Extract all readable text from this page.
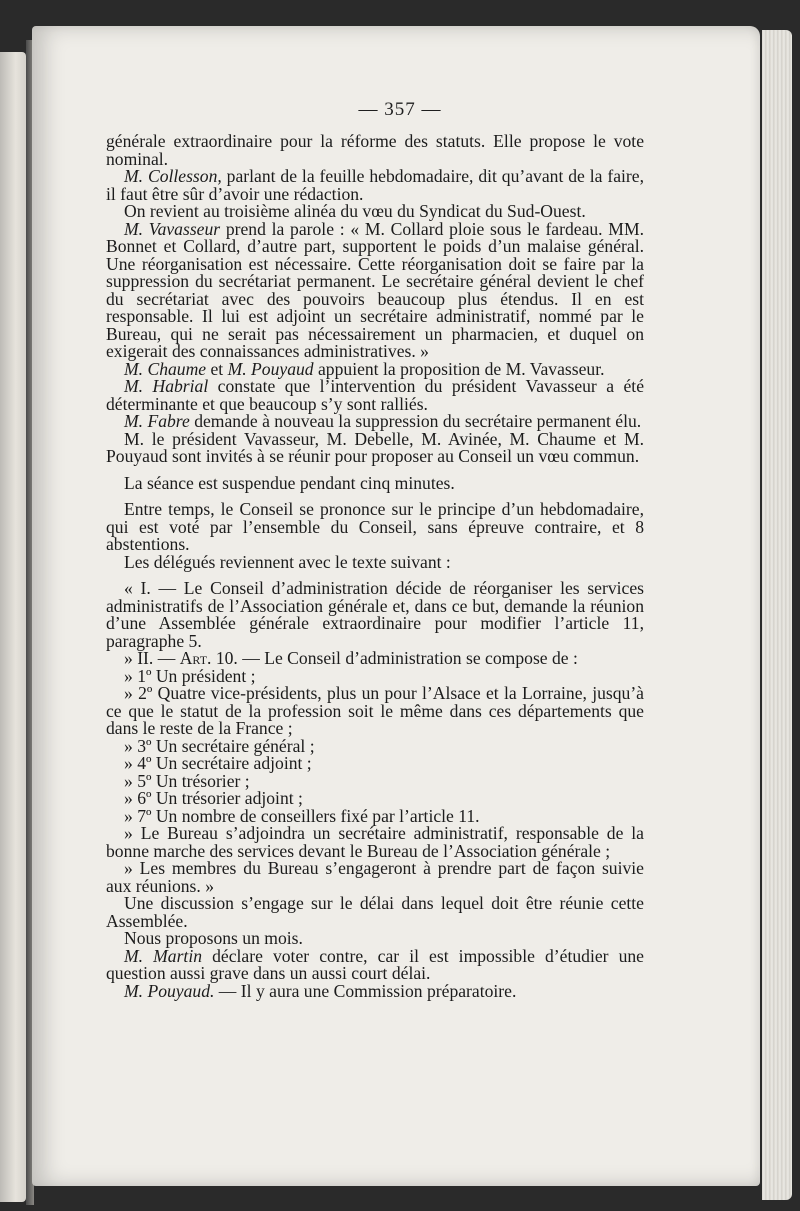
— 357 —

générale extraordinaire pour la réforme des statuts. Elle propose le vote nominal.

M. Collesson, parlant de la feuille hebdomadaire, dit qu’avant de la faire, il faut être sûr d’avoir une rédaction.

On revient au troisième alinéa du vœu du Syndicat du Sud-Ouest.

M. Vavasseur prend la parole : « M. Collard ploie sous le fardeau. MM. Bonnet et Collard, d’autre part, supportent le poids d’un malaise général. Une réorganisation est nécessaire. Cette réorganisation doit se faire par la suppression du secrétariat permanent. Le secrétaire général devient le chef du secrétariat avec des pouvoirs beaucoup plus étendus. Il en est responsable. Il lui est adjoint un secrétaire administratif, nommé par le Bureau, qui ne serait pas nécessairement un pharmacien, et duquel on exigerait des connaissances administratives. »

M. Chaume et M. Pouyaud appuient la proposition de M. Vavasseur.

M. Habrial constate que l’intervention du président Vavasseur a été déterminante et que beaucoup s’y sont ralliés.

M. Fabre demande à nouveau la suppression du secrétaire permanent élu.

M. le président Vavasseur, M. Debelle, M. Avinée, M. Chaume et M. Pouyaud sont invités à se réunir pour proposer au Conseil un vœu commun.

La séance est suspendue pendant cinq minutes.

Entre temps, le Conseil se prononce sur le principe d’un hebdomadaire, qui est voté par l’ensemble du Conseil, sans épreuve contraire, et 8 abstentions.

Les délégués reviennent avec le texte suivant :

« I. — Le Conseil d’administration décide de réorganiser les services administratifs de l’Association générale et, dans ce but, demande la réunion d’une Assemblée générale extraordinaire pour modifier l’article 11, paragraphe 5.

» II. — Art. 10. — Le Conseil d’administration se compose de :

» 1º Un président ;

» 2º Quatre vice-présidents, plus un pour l’Alsace et la Lorraine, jusqu’à ce que le statut de la profession soit le même dans ces départements que dans le reste de la France ;

» 3º Un secrétaire général ;

» 4º Un secrétaire adjoint ;

» 5º Un trésorier ;

» 6º Un trésorier adjoint ;

» 7º Un nombre de conseillers fixé par l’article 11.

» Le Bureau s’adjoindra un secrétaire administratif, responsable de la bonne marche des services devant le Bureau de l’Association générale ;

» Les membres du Bureau s’engageront à prendre part de façon suivie aux réunions. »

Une discussion s’engage sur le délai dans lequel doit être réunie cette Assemblée.

Nous proposons un mois.

M. Martin déclare voter contre, car il est impossible d’étudier une question aussi grave dans un aussi court délai.

M. Pouyaud. — Il y aura une Commission préparatoire.
